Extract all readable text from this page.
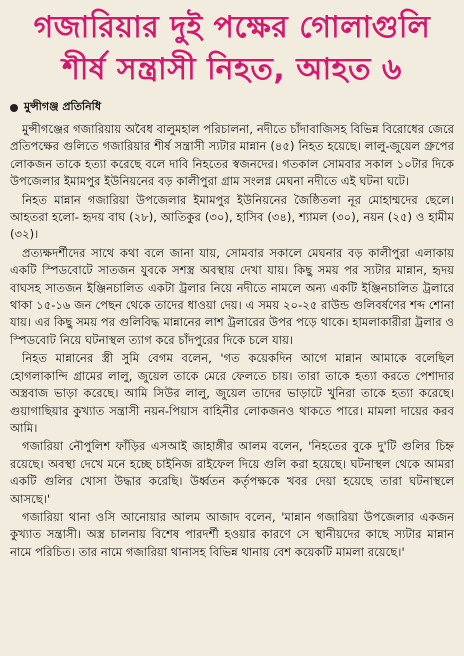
গজারিয়ার দুই পক্ষের গোলাগুলি
শীর্ষ সন্ত্রাসী নিহত, আহত ৬
মুন্সীগঞ্জ প্রতিনিধি

মুন্সীগঞ্জের গজারিয়ায় অবৈধ বালুমহাল পরিচালনা, নদীতে চাঁদাবাজিসহ বিভিন্ন বিরোধের জেরে প্রতিপক্ষের গুলিতে গজারিয়ার শীর্ষ সন্ত্রাসী স্যটার মান্নান (৪৫) নিহত হয়েছে। লালু-জুয়েল গ্রুপের লোকজন তাকে হত্যা করেছে বলে দাবি নিহতের স্বজনদের। গতকাল সোমবার সকাল ১০টার দিকে উপজেলার ইমামপুর ইউনিয়নের বড় কালীপুরা গ্রাম সংলগ্ন মেঘনা নদীতে এই ঘটনা ঘটে।

নিহত মান্নান গজারিয়া উপজেলার ইমামপুর ইউনিয়নের জৈষ্ঠিতলা নূর মোহাম্মদের ছেলে। আহতরা হলো- হৃদয় বাঘ (২৮), আতিকুর (৩০), হাসিব (৩৪), শ্যামল (৩০), নয়ন (২৫) ও হামীম (৩২)।

প্রত্যক্ষদর্শীদের সাথে কথা বলে জানা যায়, সোমবার সকালে মেঘনার বড় কালীপুরা এলাকায় একটি স্পিডবোটে সাতজন যুবকে সশস্ত্র অবস্থায় দেখা যায়। কিছু সময় পর স্যটার মান্নান, হৃদয় বাঘসহ সাতজন ইঞ্জিনচালিত একটা ট্রলার নিয়ে নদীতে নামলে অন্য একটি ইঞ্জিনচালিত ট্রলারে থাকা ১৫-১৬ জন পেছন থেকে তাদের ধাওয়া দেয়। এ সময় ২০-২৫ রাউন্ড গুলিবর্ষণের শব্দ শোনা যায়। এর কিছু সময় পর গুলিবিদ্ধ মান্নানের লাশ ট্রলারের উপর পড়ে থাকে। হামলাকারীরা ট্রলার ও স্পিডবোট নিয়ে ঘটনাস্থল ত্যাগ করে চাঁদপুরের দিকে চলে যায়।

নিহত মান্নানের স্ত্রী সুমি বেগম বলেন, 'গত কয়েকদিন আগে মান্নান আমাকে বলেছিল হোগলাকান্দি গ্রামের লালু, জুয়েল তাকে মেরে ফেলতে চায়। তারা তাকে হত্যা করতে পেশাদার অস্ত্রবাজ ভাড়া করেছে। আমি সিউর লালু, জুয়েল তাদের ভাড়াটে খুনিরা তাকে হত্যা করেছে। গুয়াগাছিয়ার কুখ্যাত সন্ত্রাসী নয়ন-পিয়াস বাহিনীর লোকজনও থাকতে পারে। মামলা দায়ের করব আমি।

গজারিয়া নৌপুলিশ ফাঁড়ির এসআই জাহাঙ্গীর আলম বলেন, 'নিহতের বুকে দু'টি গুলির চিহ্ন রয়েছে। অবস্থা দেখে মনে হচ্ছে চাইনিজ রাইফেল দিয়ে গুলি করা হয়েছে। ঘটনাস্থল থেকে আমরা একটি গুলির খোসা উদ্ধার করেছি। উর্ধ্বতন কর্তৃপক্ষকে খবর দেয়া হয়েছে তারা ঘটনাস্থলে আসছে।'

গজারিয়া থানা ওসি আনোয়ার আলম আজাদ বলেন, 'মান্নান গজারিয়া উপজেলার একজন কুখ্যাত সন্ত্রাসী। অস্ত্র চালনায় বিশেষ পারদর্শী হওয়ার কারণে সে স্থানীয়দের কাছে স্যটার মান্নান নামে পরিচিত। তার নামে গজারিয়া থানাসহ বিভিন্ন থানায় বেশ কয়েকটি মামলা রয়েছে।'
